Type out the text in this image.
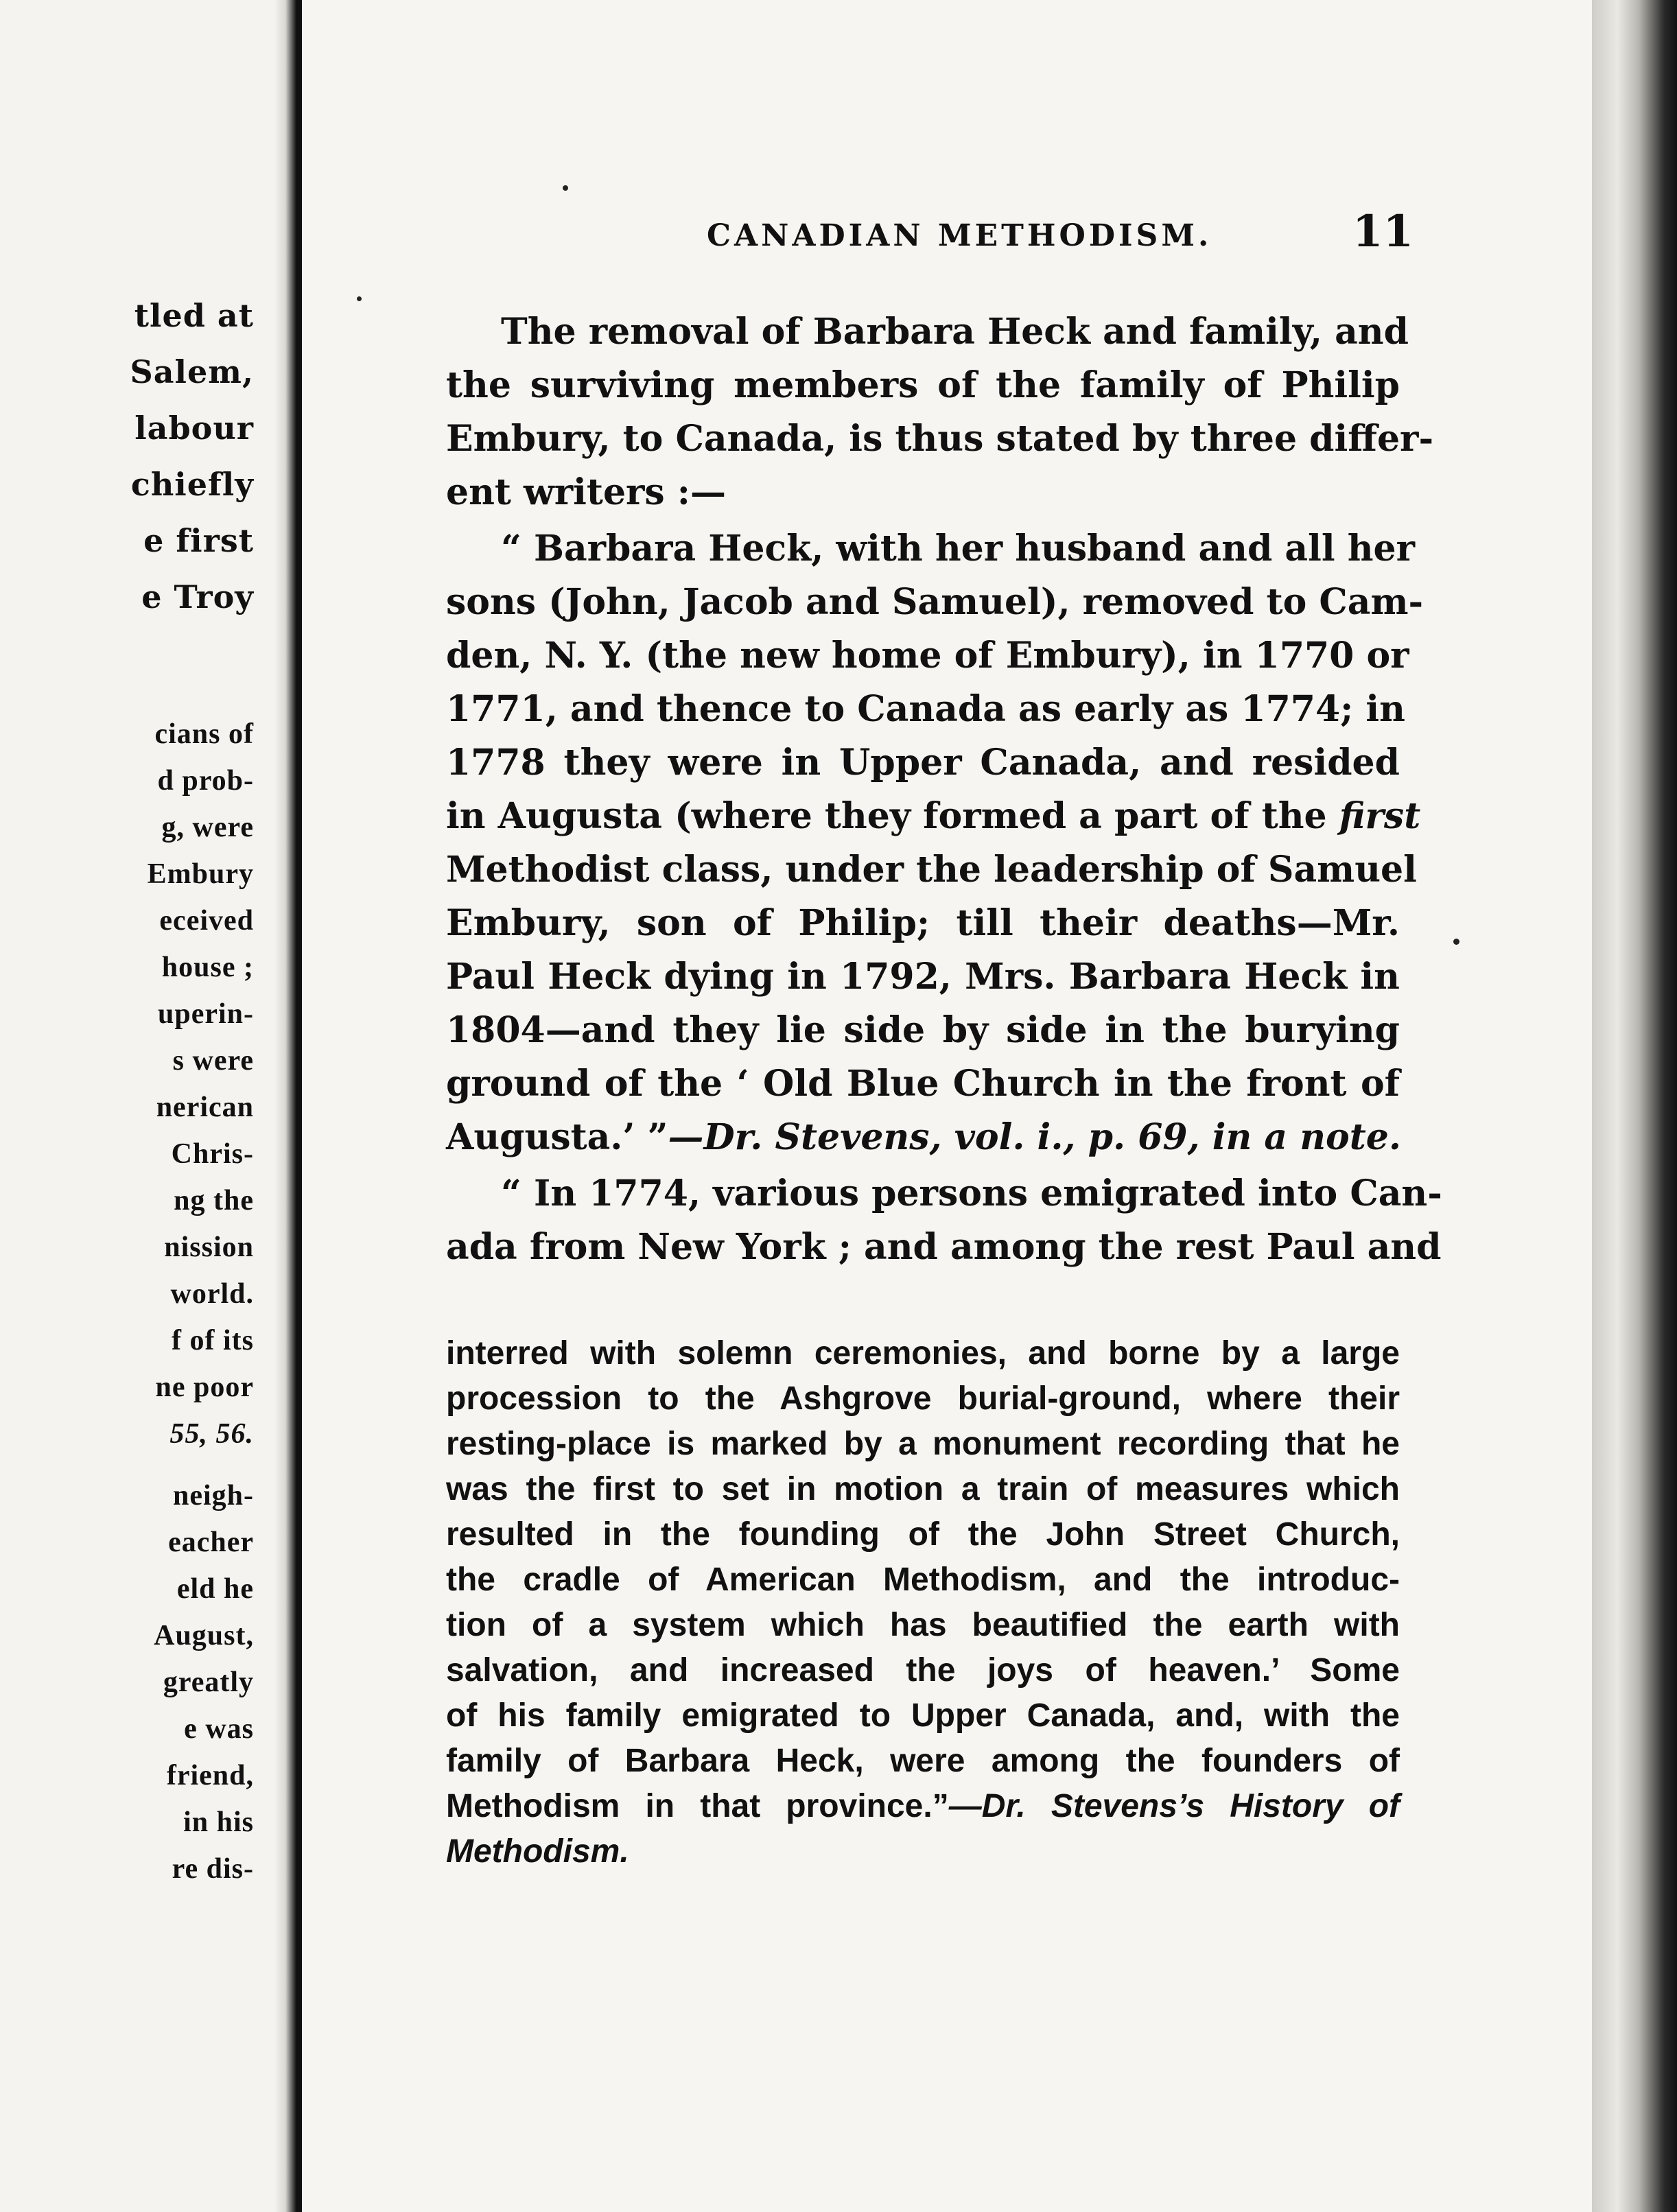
tled at
Salem,
labour
chiefly
e first
e Troy
cians of
d prob-
g, were
Embury
eceived
house ;
uperin-
s were
nerican
Chris-
ng the
nission
world.
f of its
ne poor
55, 56.
neigh-
eacher
eld he
August,
greatly
e was
friend,
in his
re dis-
CANADIAN METHODISM.	11
The removal of Barbara Heck and family, and
the surviving members of the family of Philip
Embury, to Canada, is thus stated by three differ-
ent writers :—
“ Barbara Heck, with her husband and all her
sons (John, Jacob and Samuel), removed to Cam-
den, N. Y. (the new home of Embury), in 1770 or
1771, and thence to Canada as early as 1774; in
1778 they were in Upper Canada, and resided
in Augusta (where they formed a part of the first
Methodist class, under the leadership of Samuel
Embury, son of Philip; till their deaths—Mr.
Paul Heck dying in 1792, Mrs. Barbara Heck in
1804—and they lie side by side in the burying
ground of the ‘ Old Blue Church in the front of
Augusta.’ ”—Dr. Stevens, vol. i., p. 69, in a note.
“ In 1774, various persons emigrated into Can-
ada from New York ; and among the rest Paul and
interred with solemn ceremonies, and borne by a large
procession to the Ashgrove burial-ground, where their
resting-place is marked by a monument recording that he
was the first to set in motion a train of measures which
resulted in the founding of the John Street Church,
the cradle of American Methodism, and the introduc-
tion of a system which has beautified the earth with
salvation, and increased the joys of heaven.’ Some
of his family emigrated to Upper Canada, and, with the
family of Barbara Heck, were among the founders of
Methodism in that province.”—Dr. Stevens’s History of
Methodism.
